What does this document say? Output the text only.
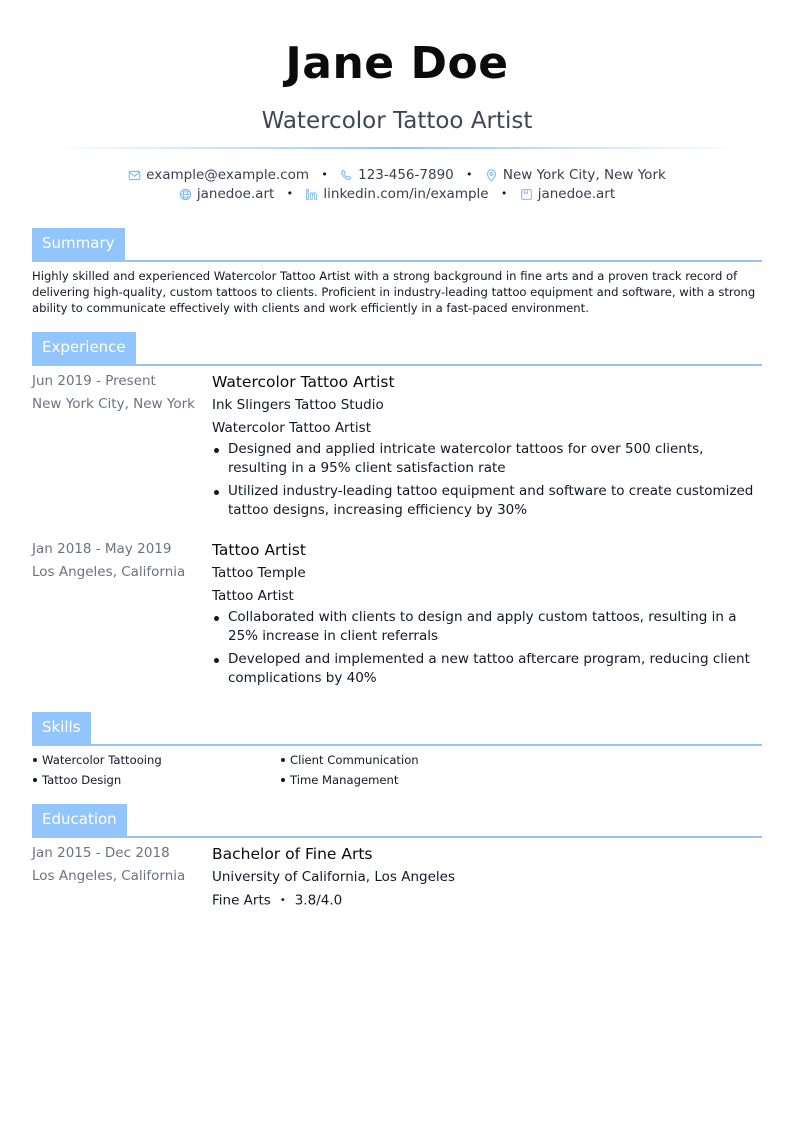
Jane Doe
Watercolor Tattoo Artist
example@example.com • 123-456-7890 • New York City, New York
janedoe.art • linkedin.com/in/example • janedoe.art
Summary
Highly skilled and experienced Watercolor Tattoo Artist with a strong background in fine arts and a proven track record of delivering high-quality, custom tattoos to clients. Proficient in industry-leading tattoo equipment and software, with a strong ability to communicate effectively with clients and work efficiently in a fast-paced environment.
Experience
Jun 2019 - Present
New York City, New York
Watercolor Tattoo Artist
Ink Slingers Tattoo Studio
Watercolor Tattoo Artist
Designed and applied intricate watercolor tattoos for over 500 clients, resulting in a 95% client satisfaction rate
Utilized industry-leading tattoo equipment and software to create customized tattoo designs, increasing efficiency by 30%
Jan 2018 - May 2019
Los Angeles, California
Tattoo Artist
Tattoo Temple
Tattoo Artist
Collaborated with clients to design and apply custom tattoos, resulting in a 25% increase in client referrals
Developed and implemented a new tattoo aftercare program, reducing client complications by 40%
Skills
Watercolor Tattooing	Client Communication
Tattoo Design	Time Management
Education
Jan 2015 - Dec 2018
Los Angeles, California
Bachelor of Fine Arts
University of California, Los Angeles
Fine Arts • 3.8/4.0
